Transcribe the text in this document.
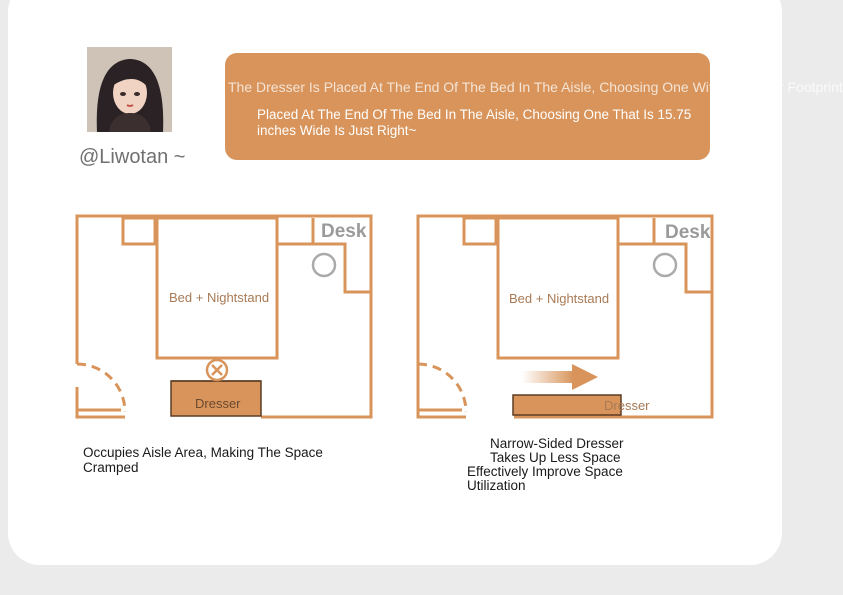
@Liwotan ~
The Dresser Is Placed At The End Of The Bed In The Aisle, Choosing One With A Smaller Footprint
Placed At The End Of The Bed In The Aisle, Choosing One That Is 15.75 inches Wide Is Just Right~
Bed + Nightstand
Desk
Dresser
Bed + Nightstand
Desk
Dresser
Occupies Aisle Area, Making The Space Cramped
Narrow-Sided Dresser
Takes Up Less Space
Effectively Improve Space
Utilization
